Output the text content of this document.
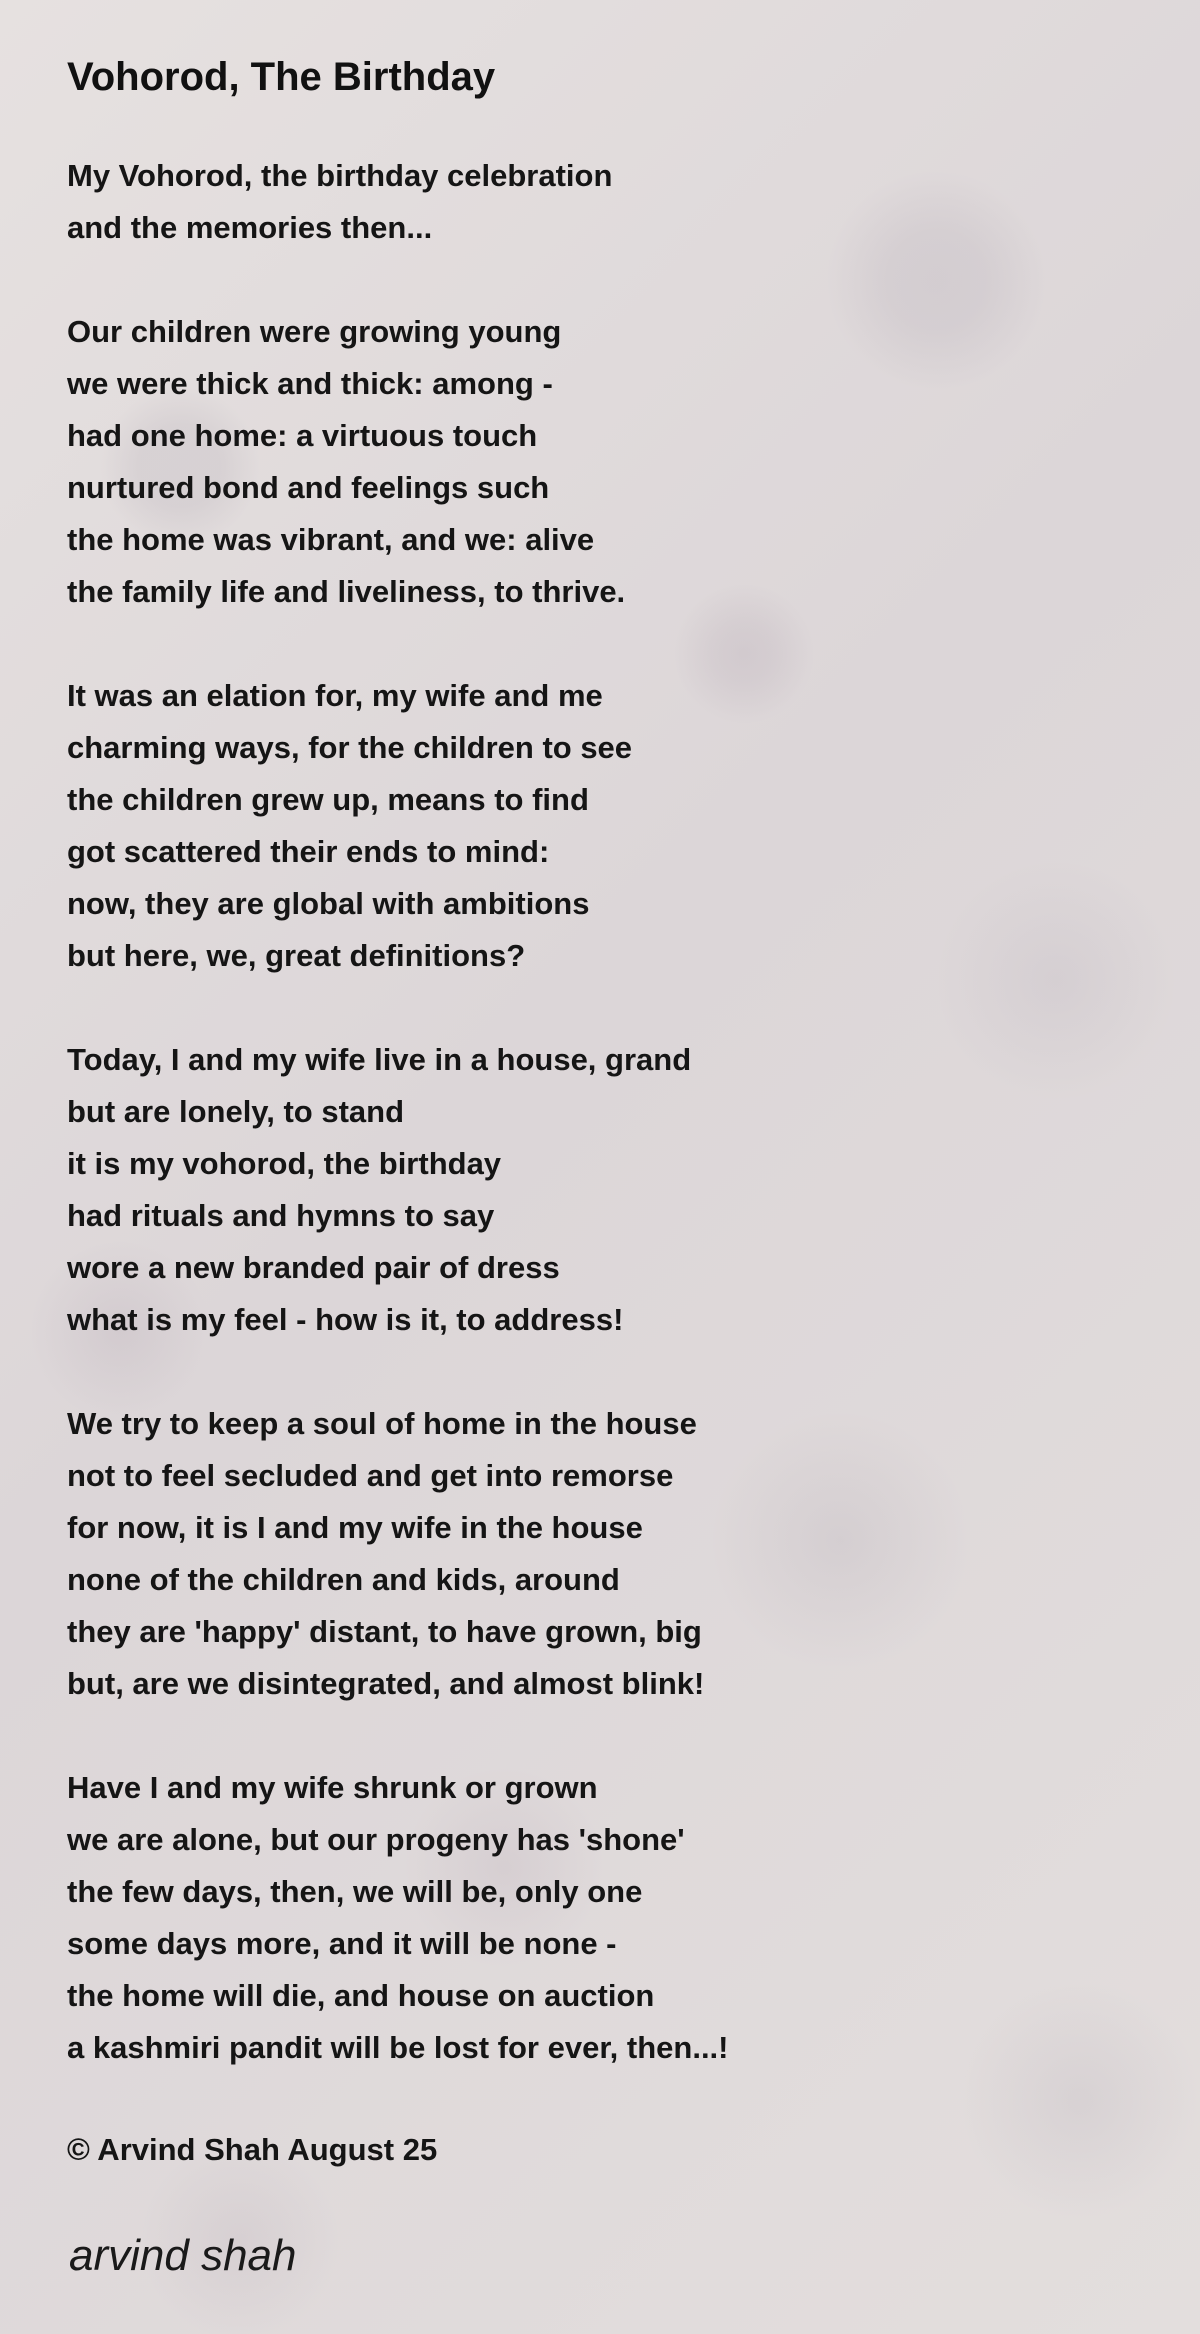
Vohorod, The Birthday
My Vohorod, the birthday celebration
and the memories then...
Our children were growing young
we were thick and thick: among -
had one home: a virtuous touch
nurtured bond and feelings such
the home was vibrant, and we: alive
the family life and liveliness, to thrive.
It was an elation for, my wife and me
charming ways, for the children to see
the children grew up, means to find
got scattered their ends to mind:
now, they are global with ambitions
but here, we, great definitions?
Today, I and my wife live in a house, grand
but are lonely, to stand
it is my vohorod, the birthday
had rituals and hymns to say
wore a new branded pair of dress
what is my feel - how is it, to address!
We try to keep a soul of home in the house
not to feel secluded and get into remorse
for now, it is I and my wife in the house
none of the children and kids, around
they are 'happy' distant, to have grown, big
but, are we disintegrated, and almost blink!
Have I and my wife shrunk or grown
we are alone, but our progeny has 'shone'
the few days, then, we will be, only one
some days more, and it will be none -
the home will die, and house on auction
a kashmiri pandit will be lost for ever, then...!
© Arvind Shah August 25
arvind shah
